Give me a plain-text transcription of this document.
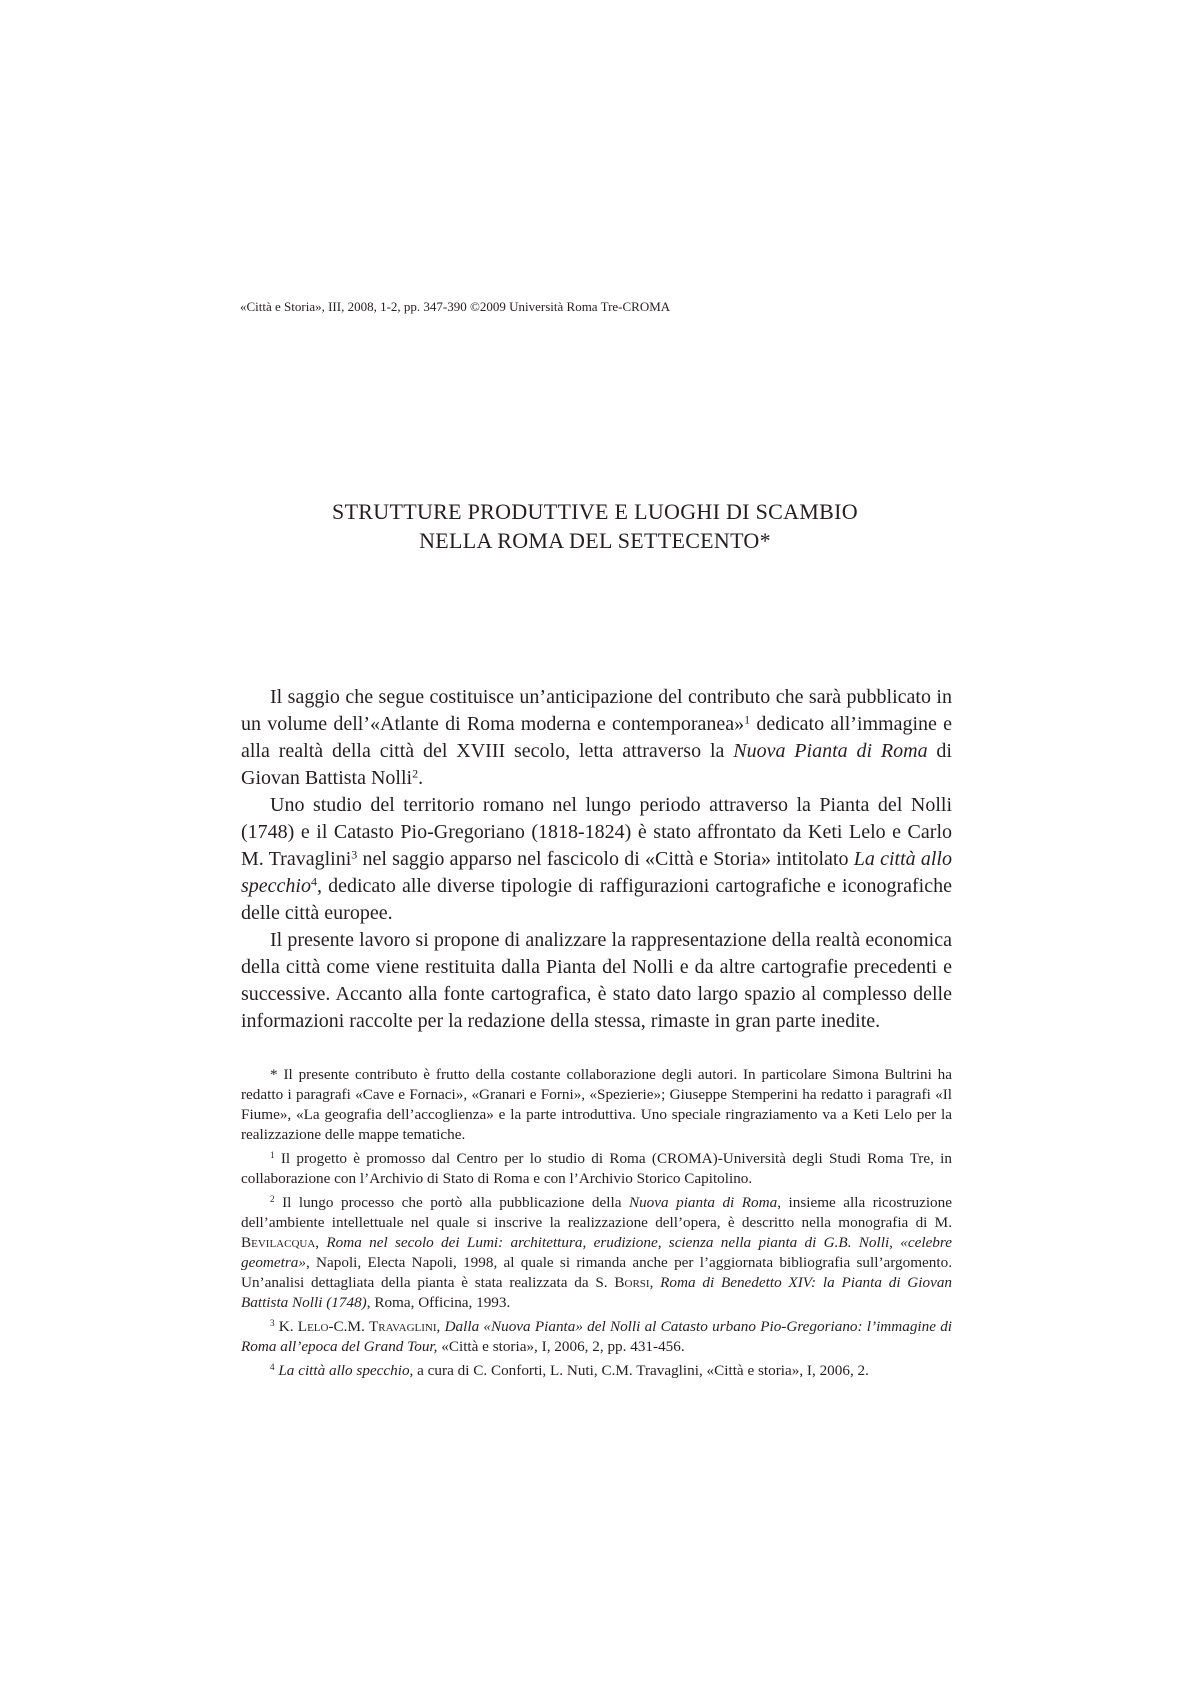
«Città e Storia», III, 2008, 1-2, pp. 347-390 ©2009 Università Roma Tre-CROMA
STRUTTURE PRODUTTIVE E LUOGHI DI SCAMBIO
NELLA ROMA DEL SETTECENTO*

Il saggio che segue costituisce un’anticipazione del contributo che sarà pubblicato in un volume dell’«Atlante di Roma moderna e contemporanea»$^1$ dedicato all’immagine e alla realtà della città del XVIII secolo, letta attraverso la Nuova Pianta di Roma di Giovan Battista Nolli$^2$.

Uno studio del territorio romano nel lungo periodo attraverso la Pianta del Nolli (1748) e il Catasto Pio-Gregoriano (1818-1824) è stato affrontato da Keti Lelo e Carlo M. Travaglini$^3$ nel saggio apparso nel fascicolo di «Città e Storia» intitolato La città allo specchio$^4$, dedicato alle diverse tipologie di raffigurazioni cartografiche e iconografiche delle città europee.

Il presente lavoro si propone di analizzare la rappresentazione della realtà economica della città come viene restituita dalla Pianta del Nolli e da altre cartografie precedenti e successive. Accanto alla fonte cartografica, è stato dato largo spazio al complesso delle informazioni raccolte per la redazione della stessa, rimaste in gran parte inedite.

* Il presente contributo è frutto della costante collaborazione degli autori. In particolare Simona Bultrini ha redatto i paragrafi «Cave e Fornaci», «Granari e Forni», «Spezierie»; Giuseppe Stemperini ha redatto i paragrafi «Il Fiume», «La geografia dell’accoglienza» e la parte introduttiva. Uno speciale ringraziamento va a Keti Lelo per la realizzazione delle mappe tematiche.

$^1$ Il progetto è promosso dal Centro per lo studio di Roma (CROMA)-Università degli Studi Roma Tre, in collaborazione con l’Archivio di Stato di Roma e con l’Archivio Storico Capitolino.

$^2$ Il lungo processo che portò alla pubblicazione della Nuova pianta di Roma, insieme alla ricostruzione dell’ambiente intellettuale nel quale si inscrive la realizzazione dell’opera, è descritto nella monografia di M. Bevilacqua, Roma nel secolo dei Lumi: architettura, erudizione, scienza nella pianta di G.B. Nolli, «celebre geometra», Napoli, Electa Napoli, 1998, al quale si rimanda anche per l’aggiornata bibliografia sull’argomento. Un’analisi dettagliata della pianta è stata realizzata da S. Borsi, Roma di Benedetto XIV: la Pianta di Giovan Battista Nolli (1748), Roma, Officina, 1993.

$^3$ K. Lelo-C.M. Travaglini, Dalla «Nuova Pianta» del Nolli al Catasto urbano Pio-Gregoriano: l’immagine di Roma all’epoca del Grand Tour, «Città e storia», I, 2006, 2, pp. 431-456.

$^4$ La città allo specchio, a cura di C. Conforti, L. Nuti, C.M. Travaglini, «Città e storia», I, 2006, 2.
